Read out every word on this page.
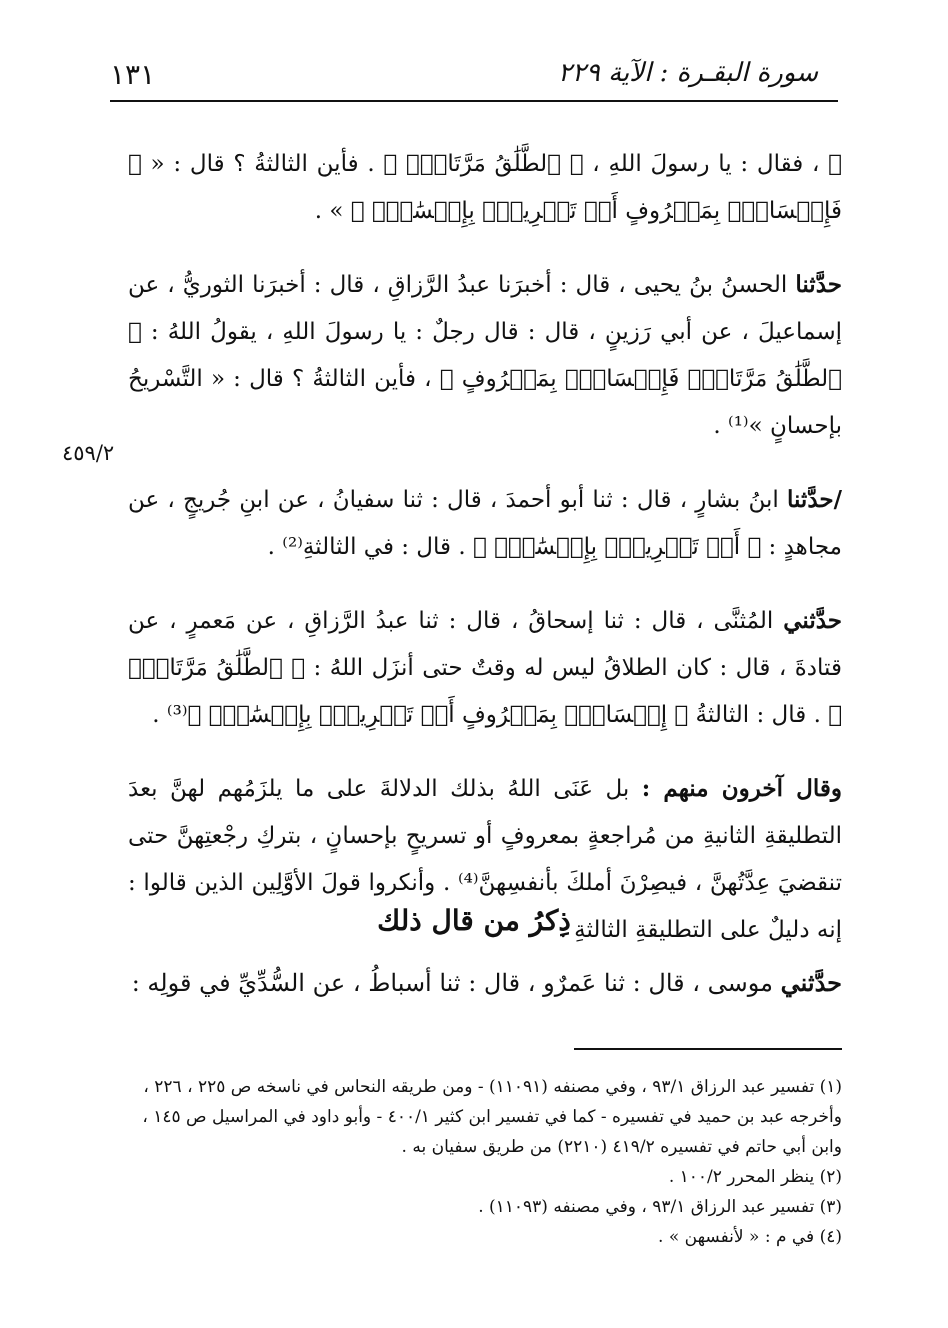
سورة البقـرة : الآية ٢٢٩
١٣١
٤٥٩/٢

ﷺ ، فقال : يا رسولَ اللهِ ، ﴿ ٱلطَّلَٰقُ مَرَّتَانِۖ ﴾ . فأين الثالثةُ ؟ قال : « ﴿ فَإِمۡسَاكُۢ بِمَعۡرُوفٍ أَوۡ تَسۡرِيحُۢ بِإِحۡسَٰنٖۗ ﴾ » .

حدَّثنا الحسنُ بنُ يحيى ، قال : أخبرَنا عبدُ الرَّزاقِ ، قال : أخبرَنا الثوريُّ ، عن إسماعيلَ ، عن أبي رَزينٍ ، قال : قال رجلٌ : يا رسولَ اللهِ ، يقولُ اللهُ : ﴿ ٱلطَّلَٰقُ مَرَّتَانِۖ فَإِمۡسَاكُۢ بِمَعۡرُوفٍ ﴾ ، فأين الثالثةُ ؟ قال : « التَّسْريحُ بإحسانٍ »⁽¹⁾ .

/حدَّثنا ابنُ بشارٍ ، قال : ثنا أبو أحمدَ ، قال : ثنا سفيانُ ، عن ابنِ جُريجٍ ، عن مجاهدٍ : ﴿ أَوۡ تَسۡرِيحُۢ بِإِحۡسَٰنٖۗ ﴾ . قال : في الثالثةِ⁽²⁾ .

حدَّثني المُثنَّى ، قال : ثنا إسحاقُ ، قال : ثنا عبدُ الرَّزاقِ ، عن مَعمرٍ ، عن قتادةَ ، قال : كان الطلاقُ ليس له وقتٌ حتى أنزَل اللهُ : ﴿ ٱلطَّلَٰقُ مَرَّتَانِۖ ﴾ . قال : الثالثةُ ﴿ إِمۡسَاكُۢ بِمَعۡرُوفٍ أَوۡ تَسۡرِيحُۢ بِإِحۡسَٰنٖۗ ﴾⁽³⁾ .

وقال آخرون منهم : بل عَنَى اللهُ بذلك الدلالةَ على ما يلزَمُهم لهنَّ بعدَ التطليقةِ الثانيةِ من مُراجعةٍ بمعروفٍ أو تسريحٍ بإحسانٍ ، بتركِ رجْعتِهنَّ حتى تنقضيَ عِدَّتُهنَّ ، فيصِرْنَ أملكَ بأنفسِهنَّ⁽⁴⁾ . وأنكروا قولَ الأوَّلِين الذين قالوا : إنه دليلٌ على التطليقةِ الثالثةِ .

ذِكرُ من قال ذلك
حدَّثني موسى ، قال : ثنا عَمرٌو ، قال : ثنا أسباطُ ، عن السُّدِّيِّ في قولِه :

(١) تفسير عبد الرزاق ٩٣/١ ، وفي مصنفه (١١٠٩١) - ومن طريقه النحاس في ناسخه ص ٢٢٥ ، ٢٢٦ ، وأخرجه عبد بن حميد في تفسيره - كما في تفسير ابن كثير ٤٠٠/١ - وأبو داود في المراسيل ص ١٤٥ ، وابن أبي حاتم في تفسيره ٤١٩/٢ (٢٢١٠) من طريق سفيان به .

(٢) ينظر المحرر ١٠٠/٢ .

(٣) تفسير عبد الرزاق ٩٣/١ ، وفي مصنفه (١١٠٩٣) .

(٤) في م : « لأنفسهن » .
